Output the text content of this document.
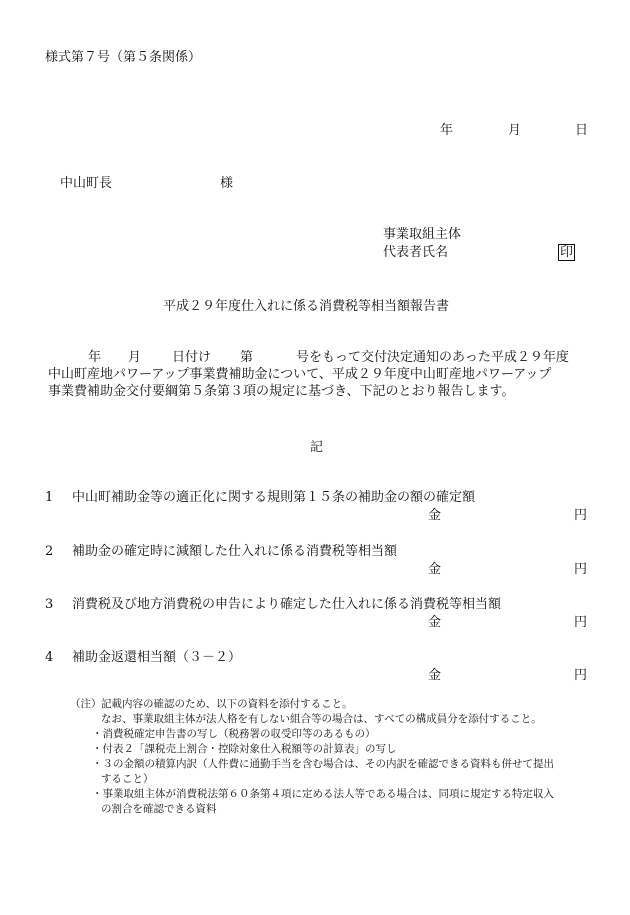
様式第７号（第５条関係）
年	月	日
中山町長	様
事業取組主体
代表者氏名	印
平成２９年度仕入れに係る消費税等相当額報告書
年 月 日付け 第	号をもって交付決定通知のあった平成２９年度
中山町産地パワーアップ事業費補助金について、平成２９年度中山町産地パワーアップ
事業費補助金交付要綱第５条第３項の規定に基づき、下記のとおり報告します。
記
1 中山町補助金等の適正化に関する規則第１５条の補助金の額の確定額
金	円
2 補助金の確定時に減額した仕入れに係る消費税等相当額
金	円
3 消費税及び地方消費税の申告により確定した仕入れに係る消費税等相当額
金	円
4 補助金返還相当額（３－２）
金	円
（注） 記載内容の確認のため、以下の資料を添付すること。
なお、事業取組主体が法人格を有しない組合等の場合は、すべての構成員分を添付すること。
・消費税確定申告書の写し（税務署の収受印等のあるもの）
・付表２「課税売上割合・控除対象仕入税額等の計算表」の写し
・３の金額の積算内訳（人件費に通勤手当を含む場合は、その内訳を確認できる資料も併せて提出
すること）
・事業取組主体が消費税法第６０条第４項に定める法人等である場合は、同項に規定する特定収入
の割合を確認できる資料
